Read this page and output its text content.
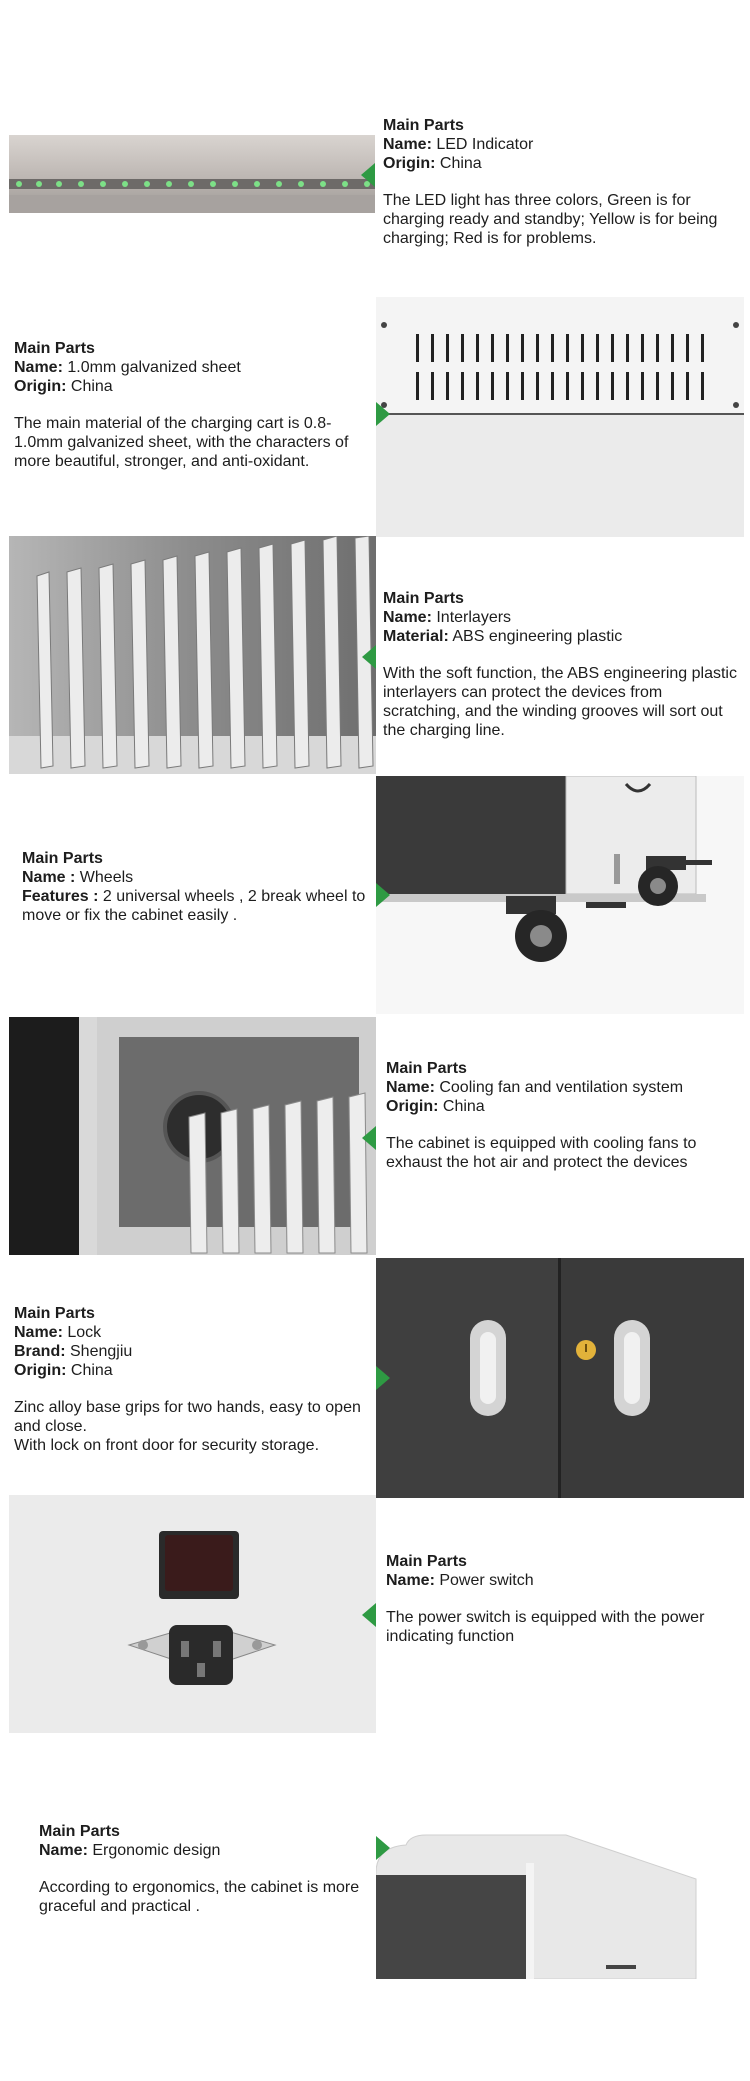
Main Parts

Name: LED Indicator

Origin: China

The LED light has three colors, Green is for charging ready and standby; Yellow is for being charging; Red is for problems.

Main Parts

Name: 1.0mm galvanized sheet

Origin: China

The main material of the charging cart is 0.8-1.0mm galvanized sheet, with the characters of more beautiful, stronger, and anti-oxidant.

Main Parts

Name: Interlayers

Material: ABS engineering plastic

With the soft function, the ABS engineering plastic interlayers can protect the devices from scratching, and the winding grooves will sort out the charging line.

Main Parts

Name : Wheels

Features : 2 universal wheels , 2 break wheel to move or fix the cabinet easily .

Main Parts

Name: Cooling fan and ventilation system

Origin: China

The cabinet is equipped with cooling fans to exhaust the hot air and protect the devices

Main Parts

Name: Lock

Brand: Shengjiu

Origin: China

Zinc alloy base grips for two hands, easy to open and close.

With lock on front door for security storage.

Main Parts

Name: Power switch

The power switch is equipped with the power indicating function

Main Parts

Name: Ergonomic design

According to ergonomics, the cabinet is more graceful and practical .
